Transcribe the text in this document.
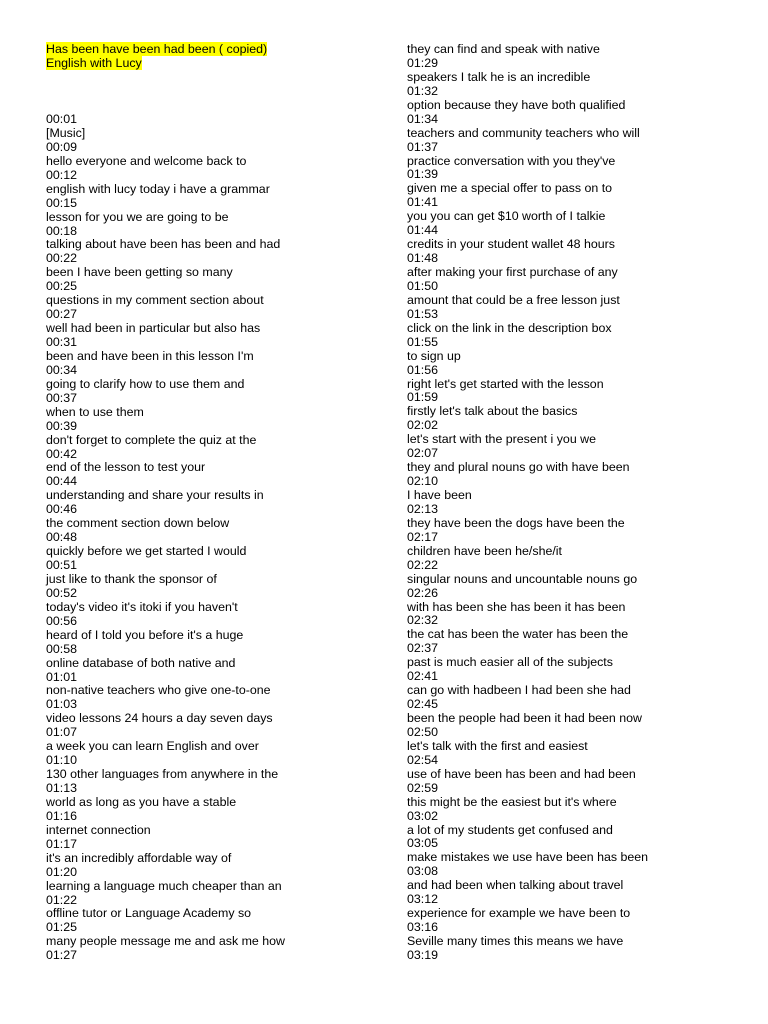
Has been have been had been ( copied)
English with Lucy
00:01
[Music]
00:09
hello everyone and welcome back to
00:12
english with lucy today i have a grammar
00:15
lesson for you we are going to be
00:18
talking about have been has been and had
00:22
been I have been getting so many
00:25
questions in my comment section about
00:27
well had been in particular but also has
00:31
been and have been in this lesson I'm
00:34
going to clarify how to use them and
00:37
when to use them
00:39
don't forget to complete the quiz at the
00:42
end of the lesson to test your
00:44
understanding and share your results in
00:46
the comment section down below
00:48
quickly before we get started I would
00:51
just like to thank the sponsor of
00:52
today's video it's itoki if you haven't
00:56
heard of I told you before it's a huge
00:58
online database of both native and
01:01
non-native teachers who give one-to-one
01:03
video lessons 24 hours a day seven days
01:07
a week you can learn English and over
01:10
130 other languages from anywhere in the
01:13
world as long as you have a stable
01:16
internet connection
01:17
it's an incredibly affordable way of
01:20
learning a language much cheaper than an
01:22
offline tutor or Language Academy so
01:25
many people message me and ask me how
01:27
they can find and speak with native
01:29
speakers I talk he is an incredible
01:32
option because they have both qualified
01:34
teachers and community teachers who will
01:37
practice conversation with you they've
01:39
given me a special offer to pass on to
01:41
you you can get $10 worth of I talkie
01:44
credits in your student wallet 48 hours
01:48
after making your first purchase of any
01:50
amount that could be a free lesson just
01:53
click on the link in the description box
01:55
to sign up
01:56
right let's get started with the lesson
01:59
firstly let's talk about the basics
02:02
let's start with the present i you we
02:07
they and plural nouns go with have been
02:10
I have been
02:13
they have been the dogs have been the
02:17
children have been he/she/it
02:22
singular nouns and uncountable nouns go
02:26
with has been she has been it has been
02:32
the cat has been the water has been the
02:37
past is much easier all of the subjects
02:41
can go with hadbeen I had been she had
02:45
been the people had been it had been now
02:50
let's talk with the first and easiest
02:54
use of have been has been and had been
02:59
this might be the easiest but it's where
03:02
a lot of my students get confused and
03:05
make mistakes we use have been has been
03:08
and had been when talking about travel
03:12
experience for example we have been to
03:16
Seville many times this means we have
03:19
